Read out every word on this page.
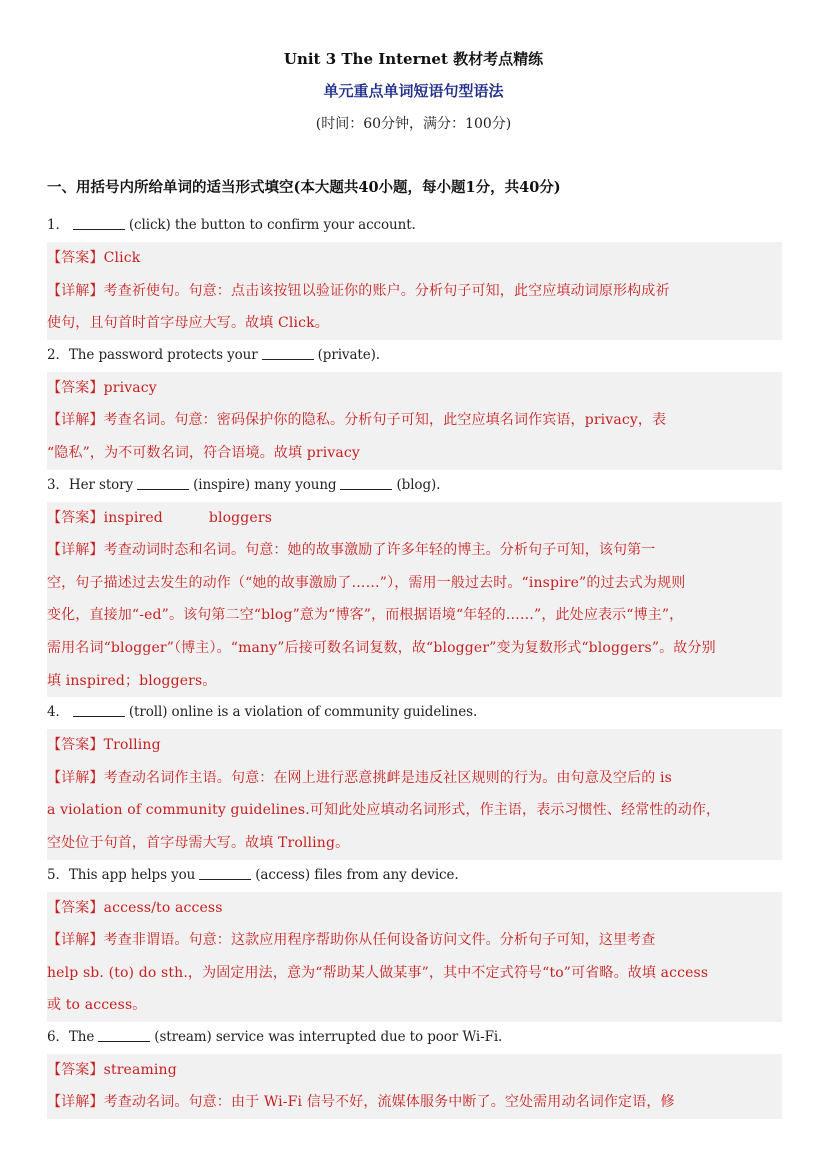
Unit 3 The Internet 教材考点精练
单元重点单词短语句型语法
(时间：60分钟，满分：100分)
一、用括号内所给单词的适当形式填空(本大题共40小题，每小题1分，共40分)
1．	(click) the button to confirm your account.
【答案】Click
【详解】考查祈使句。句意：点击该按钮以验证你的账户。分析句子可知，此空应填动词原形构成祈
使句，且句首时首字母应大写。故填 Click。
2．The password protects your	(private).
【答案】privacy
【详解】考查名词。句意：密码保护你的隐私。分析句子可知，此空应填名词作宾语，privacy，表
“隐私”，为不可数名词，符合语境。故填 privacy
3．Her story	(inspire) many young	(blog).
【答案】inspired          bloggers
【详解】考查动词时态和名词。句意：她的故事激励了许多年轻的博主。分析句子可知，该句第一
空，句子描述过去发生的动作（“她的故事激励了……”），需用一般过去时。“inspire”的过去式为规则
变化，直接加“-ed”。该句第二空“blog”意为“博客”，而根据语境“年轻的……”，此处应表示“博主”，
需用名词“blogger”（博主）。“many”后接可数名词复数，故“blogger”变为复数形式“bloggers”。故分别
填 inspired；bloggers。
4．	(troll) online is a violation of community guidelines.
【答案】Trolling
【详解】考查动名词作主语。句意：在网上进行恶意挑衅是违反社区规则的行为。由句意及空后的 is
a violation of community guidelines.可知此处应填动名词形式，作主语，表示习惯性、经常性的动作，
空处位于句首，首字母需大写。故填 Trolling。
5．This app helps you	(access) files from any device.
【答案】access/to access
【详解】考查非谓语。句意：这款应用程序帮助你从任何设备访问文件。分析句子可知，这里考查
help sb. (to) do sth.，为固定用法，意为“帮助某人做某事”，其中不定式符号“to”可省略。故填 access
或 to access。
6．The	(stream) service was interrupted due to poor Wi-Fi.
【答案】streaming
【详解】考查动名词。句意：由于 Wi-Fi 信号不好，流媒体服务中断了。空处需用动名词作定语，修
